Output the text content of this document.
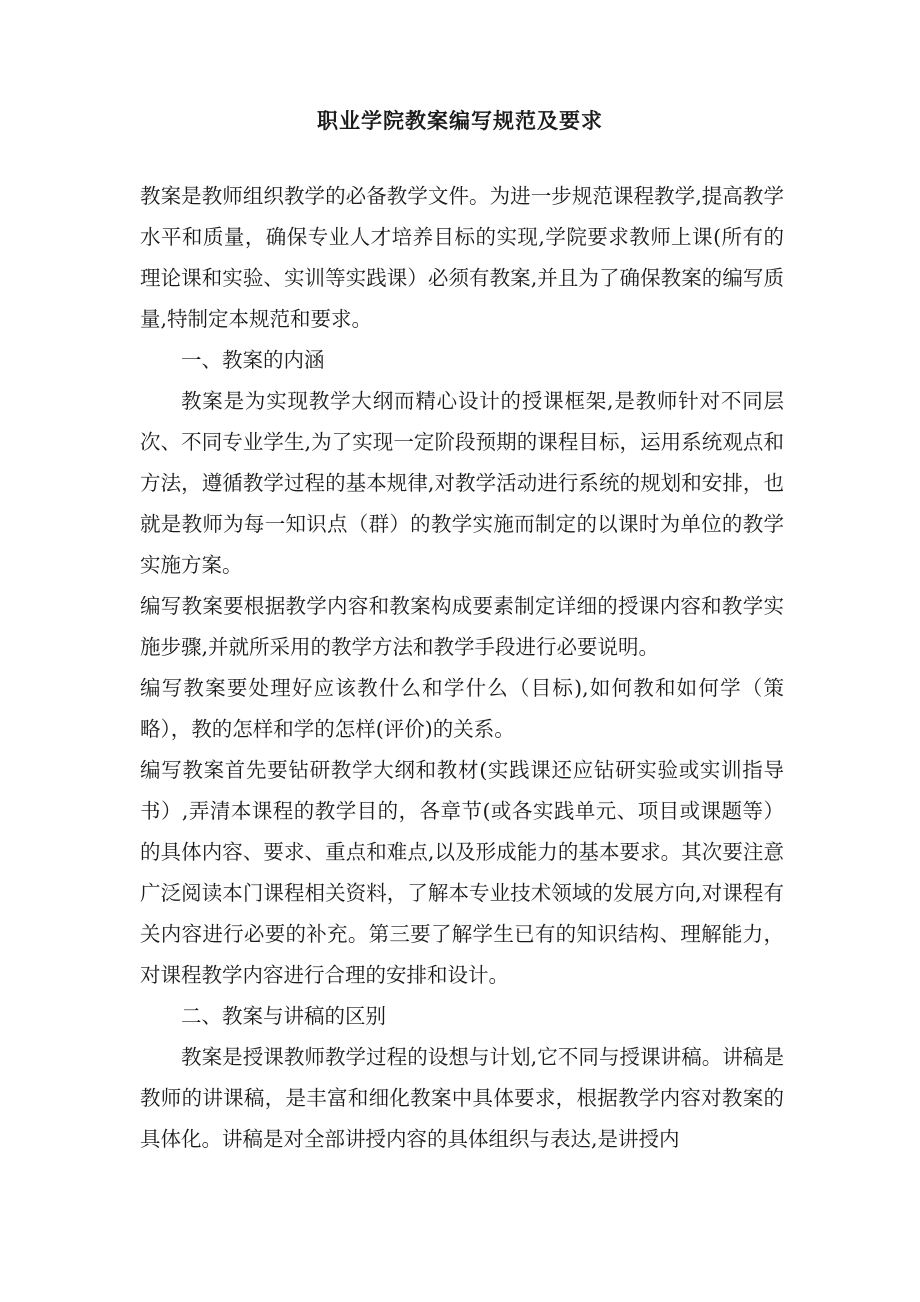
职业学院教案编写规范及要求

教案是教师组织教学的必备教学文件。为进一步规范课程教学,提高教学水平和质量，确保专业人才培养目标的实现,学院要求教师上课(所有的理论课和实验、实训等实践课）必须有教案,并且为了确保教案的编写质量,特制定本规范和要求。

一、教案的内涵

教案是为实现教学大纲而精心设计的授课框架,是教师针对不同层次、不同专业学生,为了实现一定阶段预期的课程目标，运用系统观点和方法，遵循教学过程的基本规律,对教学活动进行系统的规划和安排，也就是教师为每一知识点（群）的教学实施而制定的以课时为单位的教学实施方案。

编写教案要根据教学内容和教案构成要素制定详细的授课内容和教学实施步骤,并就所采用的教学方法和教学手段进行必要说明。

编写教案要处理好应该教什么和学什么（目标),如何教和如何学（策略），教的怎样和学的怎样(评价)的关系。

编写教案首先要钻研教学大纲和教材(实践课还应钻研实验或实训指导书）,弄清本课程的教学目的，各章节(或各实践单元、项目或课题等）的具体内容、要求、重点和难点,以及形成能力的基本要求。其次要注意广泛阅读本门课程相关资料，了解本专业技术领域的发展方向,对课程有关内容进行必要的补充。第三要了解学生已有的知识结构、理解能力，对课程教学内容进行合理的安排和设计。

二、教案与讲稿的区别

教案是授课教师教学过程的设想与计划,它不同与授课讲稿。讲稿是教师的讲课稿，是丰富和细化教案中具体要求，根据教学内容对教案的具体化。讲稿是对全部讲授内容的具体组织与表达,是讲授内
